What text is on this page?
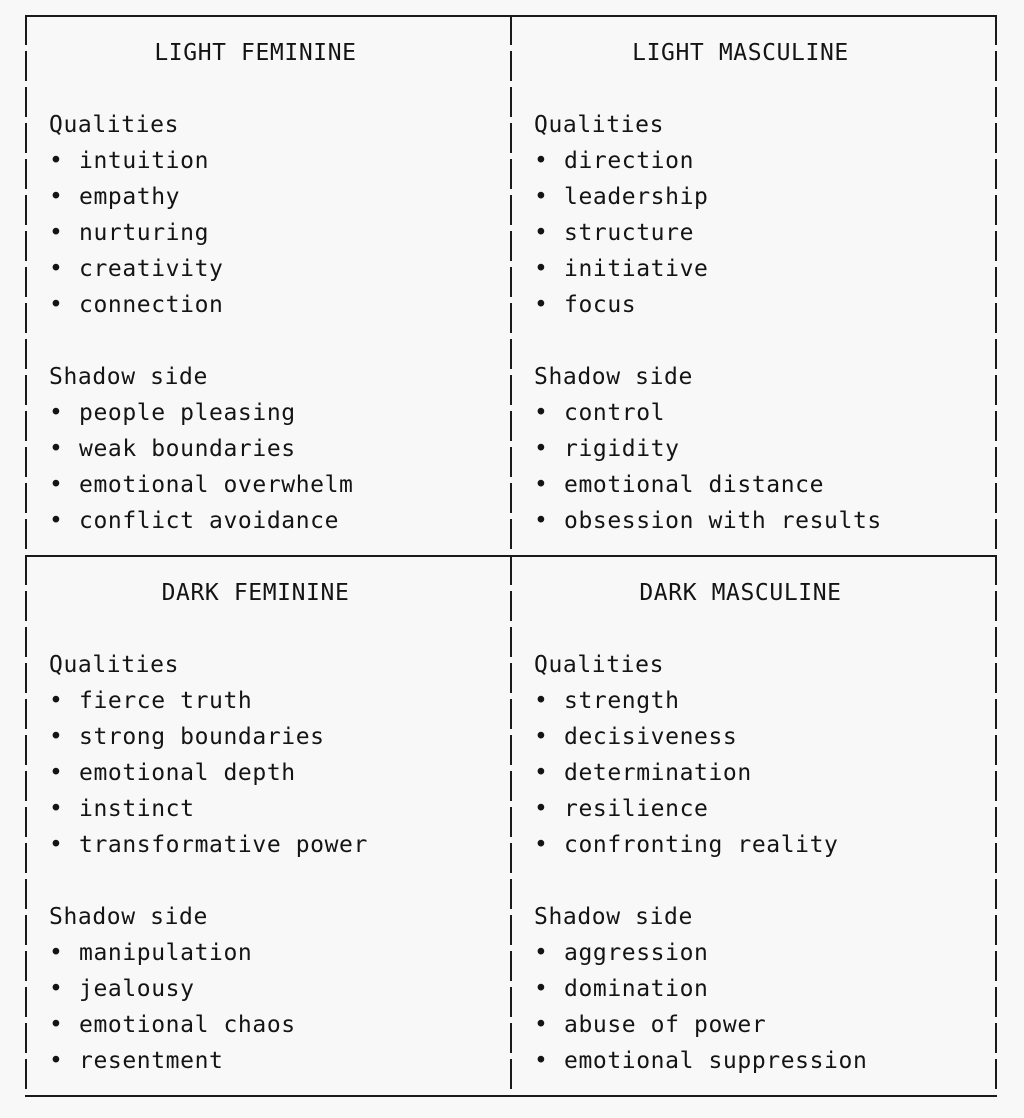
LIGHT FEMININE
Qualities
• intuition
• empathy
• nurturing
• creativity
• connection
Shadow side
• people pleasing
• weak boundaries
• emotional overwhelm
• conflict avoidance
LIGHT MASCULINE
Qualities
• direction
• leadership
• structure
• initiative
• focus
Shadow side
• control
• rigidity
• emotional distance
• obsession with results
DARK FEMININE
Qualities
• fierce truth
• strong boundaries
• emotional depth
• instinct
• transformative power
Shadow side
• manipulation
• jealousy
• emotional chaos
• resentment
DARK MASCULINE
Qualities
• strength
• decisiveness
• determination
• resilience
• confronting reality
Shadow side
• aggression
• domination
• abuse of power
• emotional suppression
